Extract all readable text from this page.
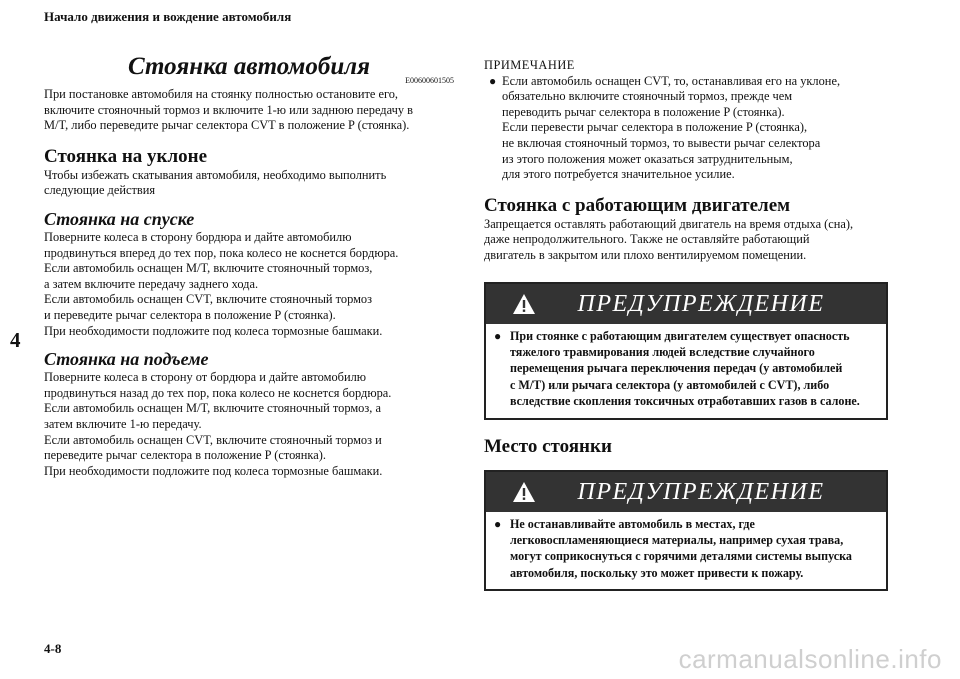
Начало движения и вождение автомобиля
4
4-8	carmanualsonline.info
Стоянка автомобиля
E00600601505

При постановке автомобиля на стоянку полностью остановите его,

включите стояночный тормоз и включите 1-ю или заднюю передачу в

M/T, либо переведите рычаг селектора CVT в положение P (стоянка).

Стоянка на уклоне

Чтобы избежать скатывания автомобиля, необходимо выполнить

следующие действия

Стоянка на спуске

Поверните колеса в сторону бордюра и дайте автомобилю

продвинуться вперед до тех пор, пока колесо не коснется бордюра.

Если автомобиль оснащен M/T, включите стояночный тормоз,

а затем включите передачу заднего хода.

Если автомобиль оснащен CVT, включите стояночный тормоз

и переведите рычаг селектора в положение P (стоянка).

При необходимости подложите под колеса тормозные башмаки.

Стоянка на подъеме

Поверните колеса в сторону от бордюра и дайте автомобилю

продвинуться назад до тех пор, пока колесо не коснется бордюра.

Если автомобиль оснащен M/T, включите стояночный тормоз, а

затем включите 1-ю передачу.

Если автомобиль оснащен CVT, включите стояночный тормоз и

переведите рычаг селектора в положение P (стоянка).

При необходимости подложите под колеса тормозные башмаки.

ПРИМЕЧАНИЕ
● Если автомобиль оснащен CVT, то, останавливая его на уклоне,

обязательно включите стояночный тормоз, прежде чем

переводить рычаг селектора в положение P (стоянка).

Если перевести рычаг селектора в положение P (стоянка),

не включая стояночный тормоз, то вывести рычаг селектора

из этого положения может оказаться затруднительным,

для этого потребуется значительное усилие.

Стоянка с работающим двигателем

Запрещается оставлять работающий двигатель на время отдыха (сна),

даже непродолжительного. Также не оставляйте работающий

двигатель в закрытом или плохо вентилируемом помещении.

ПРЕДУПРЕЖДЕНИЕ
● При стоянке с работающим двигателем существует опасность

тяжелого травмирования людей вследствие случайного

перемещения рычага переключения передач (у автомобилей

с M/T) или рычага селектора (у автомобилей с CVT), либо

вследствие скопления токсичных отработавших газов в салоне.

Место стоянки
ПРЕДУПРЕЖДЕНИЕ
● Не останавливайте автомобиль в местах, где

легковоспламеняющиеся материалы, например сухая трава,

могут соприкоснуться с горячими деталями системы выпуска

автомобиля, поскольку это может привести к пожару.
